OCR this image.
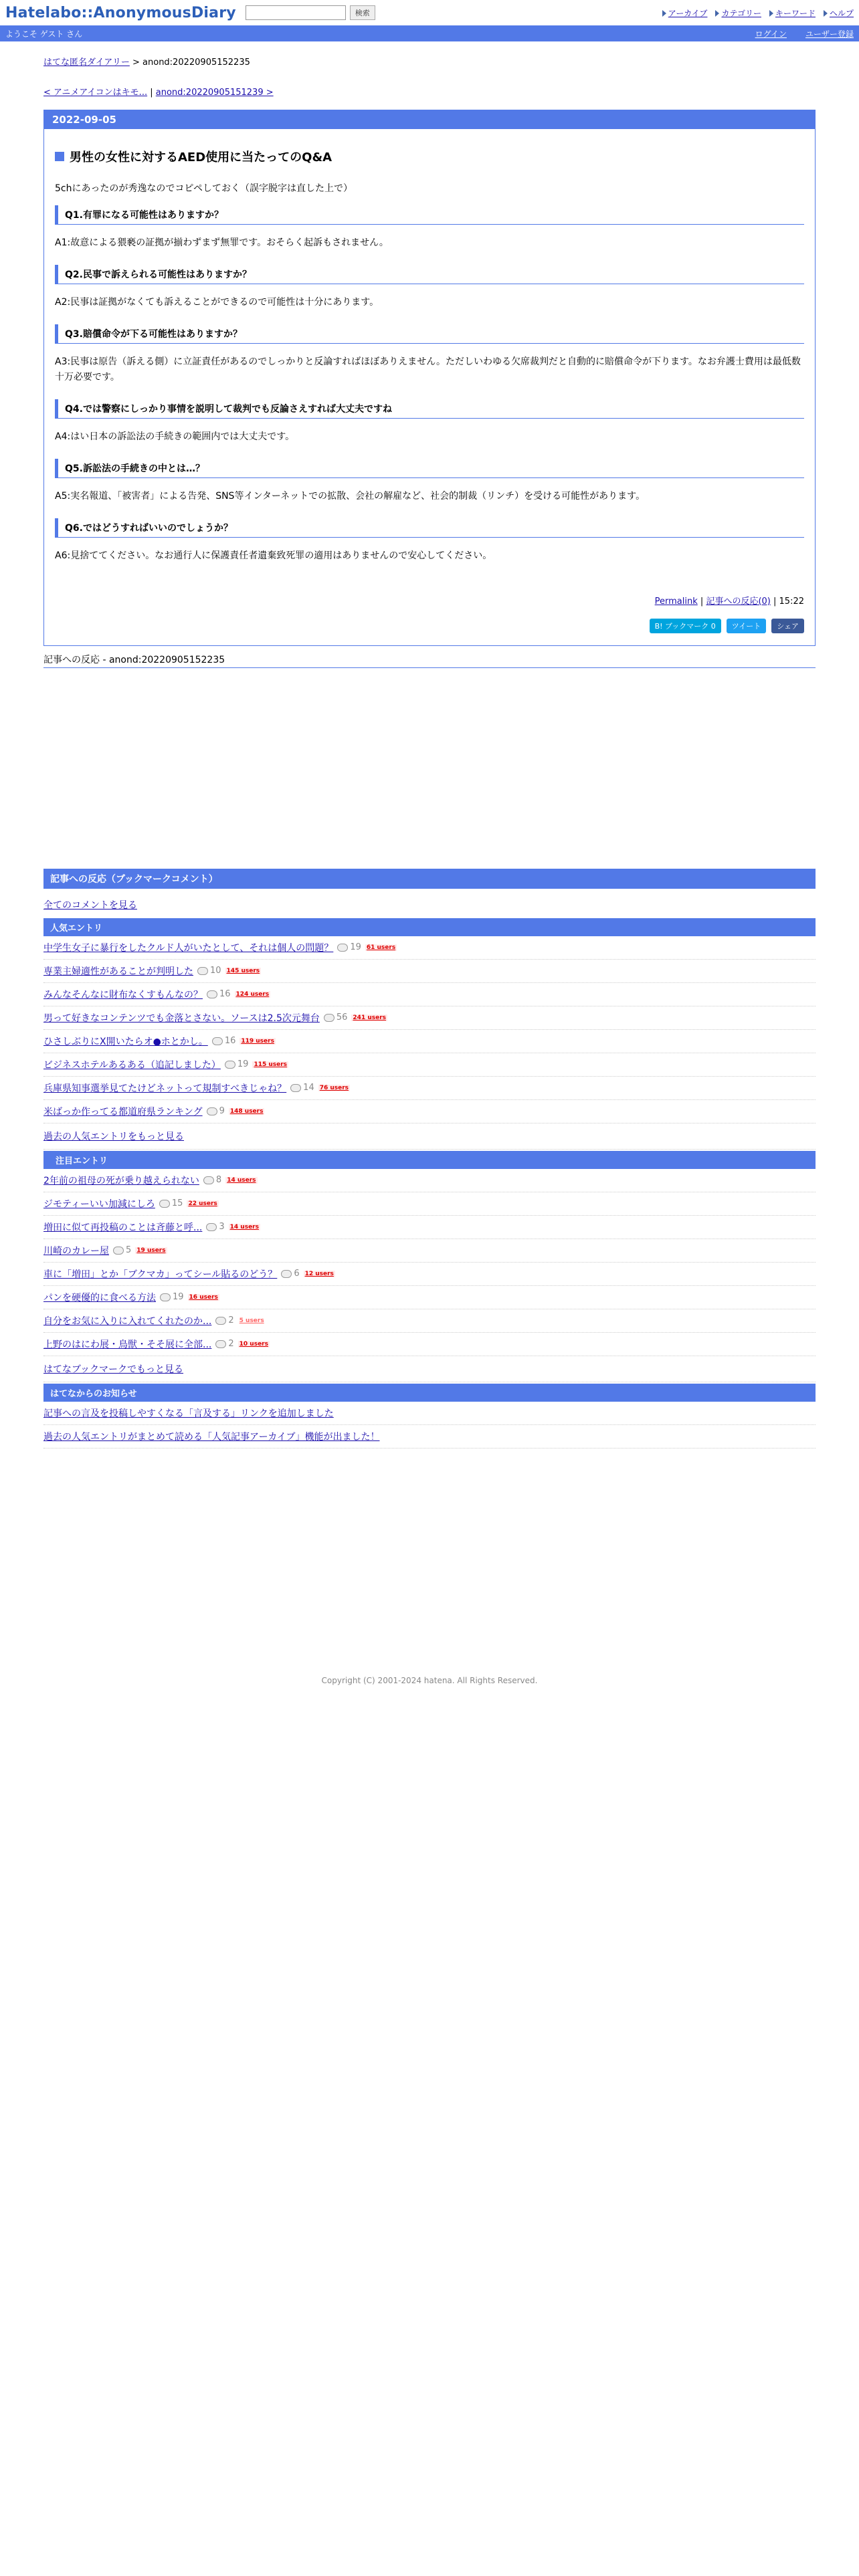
Hatelabo::AnonymousDiary	検索	アーカイブ	カテゴリー	キーワード	ヘルプ
ようこそ ゲスト さん	ログイン ユーザー登録
はてな匿名ダイアリー > anond:20220905152235
< アニメアイコンはキモ... | anond:20220905151239 >
2022-09-05
男性の女性に対するAED使用に当たってのQ&A
5chにあったのが秀逸なのでコピペしておく（誤字脱字は直した上で）
Q1.有罪になる可能性はありますか？

A1:故意による猥褻の証拠が揃わずまず無罪です。おそらく起訴もされません。

Q2.民事で訴えられる可能性はありますか？

A2:民事は証拠がなくても訴えることができるので可能性は十分にあります。

Q3.賠償命令が下る可能性はありますか？

A3:民事は原告（訴える側）に立証責任があるのでしっかりと反論すればほぼありえません。ただしいわゆる欠席裁判だと自動的に賠償命令が下ります。なお弁護士費用は最低数十万必要です。

Q4.では警察にしっかり事情を説明して裁判でも反論さえすれば大丈夫ですね

A4:はい日本の訴訟法の手続きの範囲内では大丈夫です。

Q5.訴訟法の手続きの中とは…？

A5:実名報道、「被害者」による告発、SNS等インターネットでの拡散、会社の解雇など、社会的制裁（リンチ）を受ける可能性があります。

Q6.ではどうすればいいのでしょうか？

A6:見捨ててください。なお通行人に保護責任者遺棄致死罪の適用はありませんので安心してください。

Permalink | 記事への反応(0) | 15:22
B! ブックマーク 0	ツイート	シェア
記事への反応 - anond:20220905152235
記事への反応（ブックマークコメント）
全てのコメントを見る
人気エントリ
中学生女子に暴行をしたクルド人がいたとして、それは個人の問題？ 19 61 users
専業主婦適性があることが判明した 10 145 users
みんなそんなに財布なくすもんなの？ 16 124 users
男って好きなコンテンツでも金落とさない。ソースは2.5次元舞台 56 241 users
ひさしぶりにX開いたらオ●ホとかし。 16 119 users
ビジネスホテルあるある（追記しました） 19 115 users
兵庫県知事選挙見てたけどネットって規制すべきじゃね？ 14 76 users
米ばっか作ってる都道府県ランキング 9 148 users
過去の人気エントリをもっと見る
注目エントリ
2年前の祖母の死が乗り越えられない 8 14 users
ジモティーいい加減にしろ 15 22 users
増田に似て再投稿のことは斉藤と呼... 3 14 users
川崎のカレー屋 5 19 users
車に「増田」とか「ブクマカ」ってシール貼るのどう？ 6 12 users
パンを硬優的に食べる方法 19 16 users
自分をお気に入りに入れてくれたのか... 2 5 users
上野のはにわ展・鳥獣・そそ展に全部... 2 10 users
はてなブックマークでもっと見る
はてなからのお知らせ
記事への言及を投稿しやすくなる「言及する」リンクを追加しました
過去の人気エントリがまとめて読める「人気記事アーカイブ」機能が出ました！
Copyright (C) 2001-2024 hatena. All Rights Reserved.
